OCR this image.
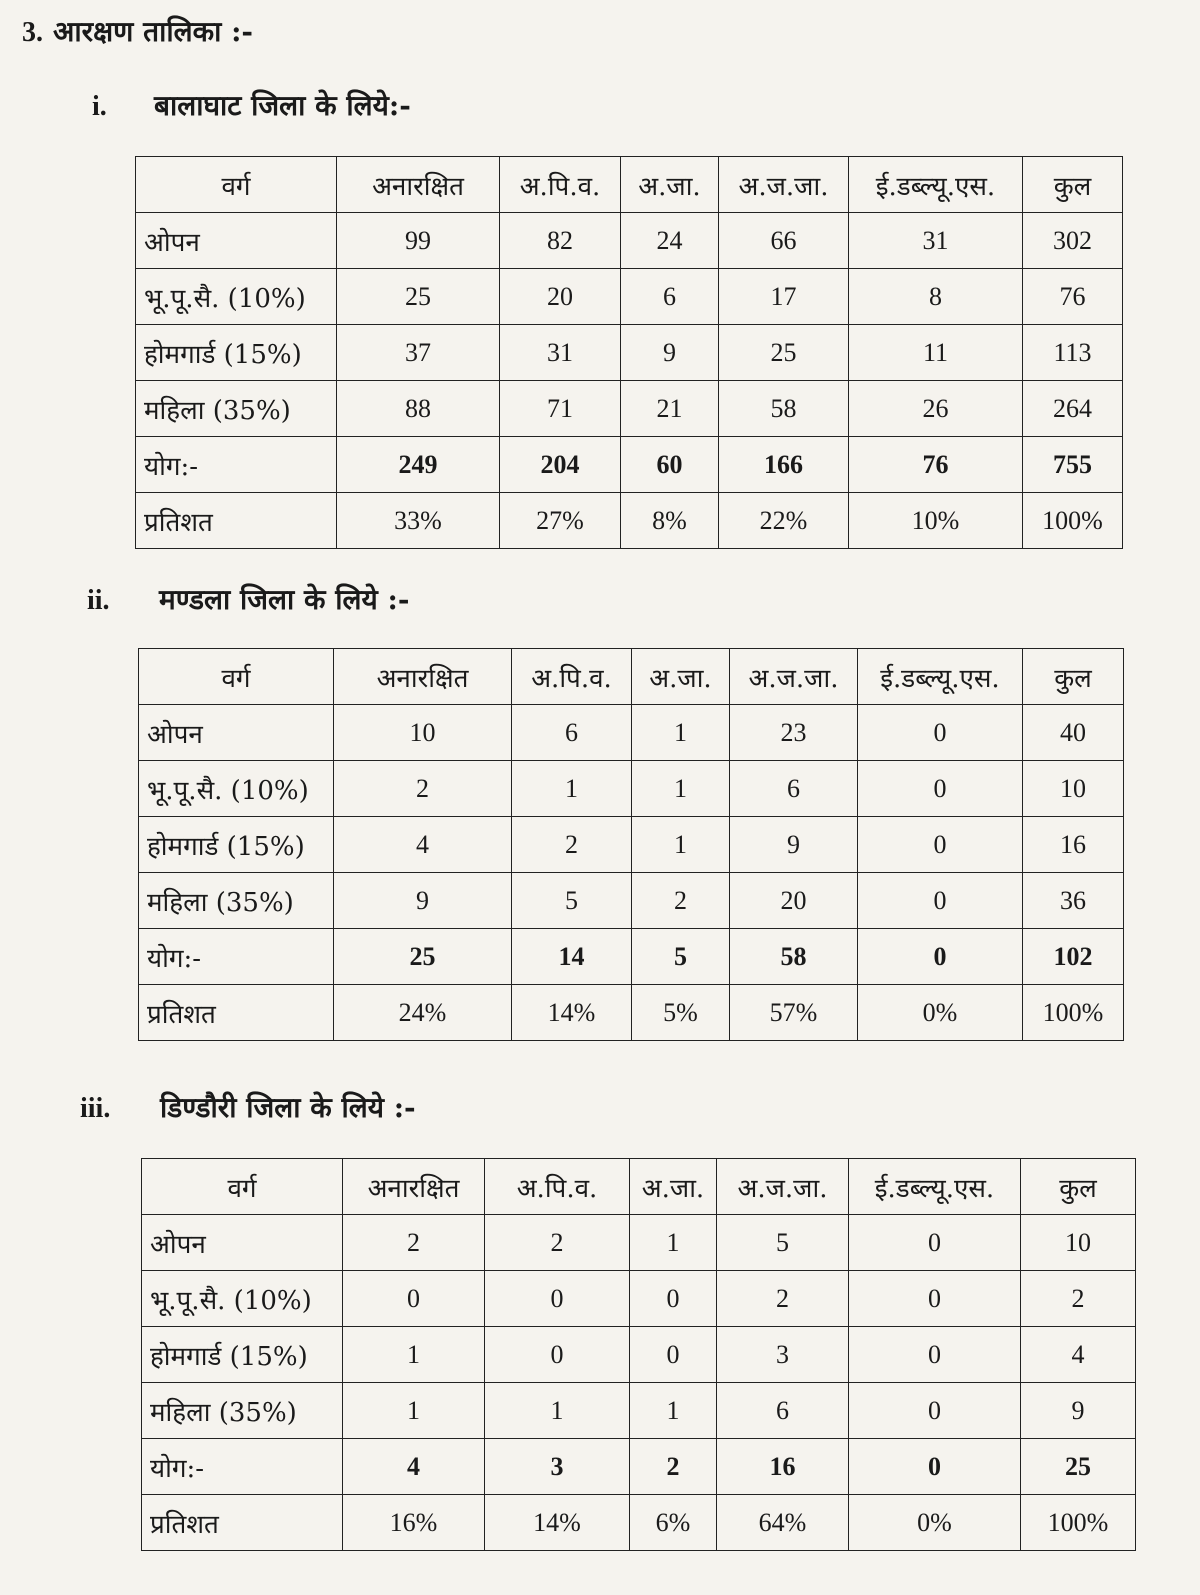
3. आरक्षण तालिका :-
i. बालाघाट जिला के लिये:-
वर्ग	अनारक्षित	अ.पि.व.	अ.जा.	अ.ज.जा.	ई.डब्ल्यू.एस.	कुल
ओपन	99	82	24	66	31	302
भू.पू.सै. (10%)	25	20	6	17	8	76
होमगार्ड (15%)	37	31	9	25	11	113
महिला (35%)	88	71	21	58	26	264
योग:-	249	204	60	166	76	755
प्रतिशत	33%	27%	8%	22%	10%	100%
ii. मण्डला जिला के लिये :-
वर्ग	अनारक्षित	अ.पि.व.	अ.जा.	अ.ज.जा.	ई.डब्ल्यू.एस.	कुल
ओपन	10	6	1	23	0	40
भू.पू.सै. (10%)	2	1	1	6	0	10
होमगार्ड (15%)	4	2	1	9	0	16
महिला (35%)	9	5	2	20	0	36
योग:-	25	14	5	58	0	102
प्रतिशत	24%	14%	5%	57%	0%	100%
iii. डिण्डौरी जिला के लिये :-
वर्ग	अनारक्षित	अ.पि.व.	अ.जा.	अ.ज.जा.	ई.डब्ल्यू.एस.	कुल
ओपन	2	2	1	5	0	10
भू.पू.सै. (10%)	0	0	0	2	0	2
होमगार्ड (15%)	1	0	0	3	0	4
महिला (35%)	1	1	1	6	0	9
योग:-	4	3	2	16	0	25
प्रतिशत	16%	14%	6%	64%	0%	100%
